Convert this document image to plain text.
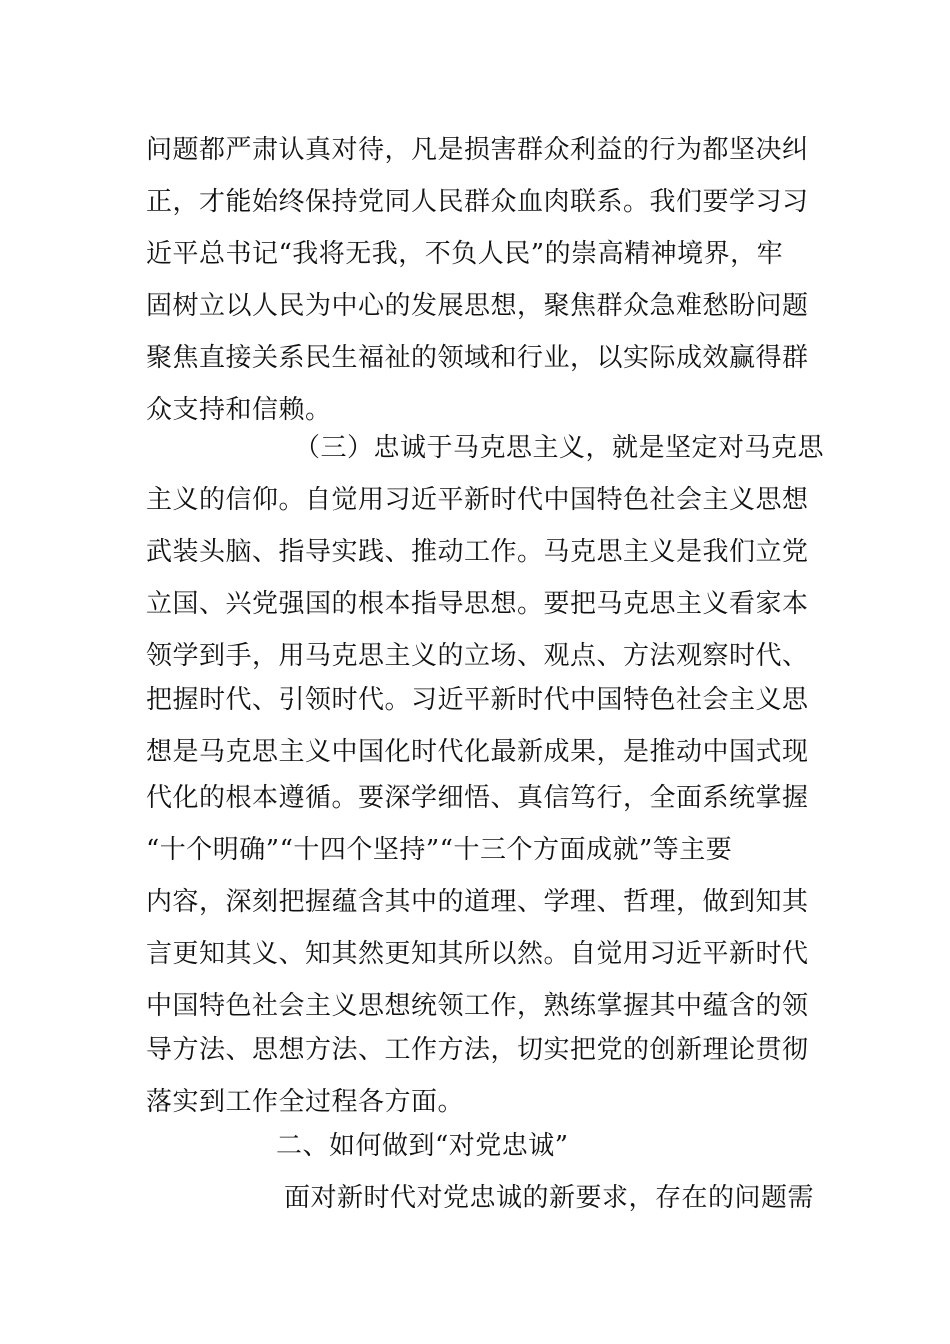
问题都严肃认真对待，凡是损害群众利益的行为都坚决纠
正，才能始终保持党同人民群众血肉联系。我们要学习习
近平总书记“我将无我，不负人民”的崇高精神境界，牢
固树立以人民为中心的发展思想，聚焦群众急难愁盼问题
聚焦直接关系民生福祉的领域和行业，以实际成效赢得群
众支持和信赖。
（三）忠诚于马克思主义，就是坚定对马克思
主义的信仰。自觉用习近平新时代中国特色社会主义思想
武装头脑、指导实践、推动工作。马克思主义是我们立党
立国、兴党强国的根本指导思想。要把马克思主义看家本
领学到手，用马克思主义的立场、观点、方法观察时代、
把握时代、引领时代。习近平新时代中国特色社会主义思
想是马克思主义中国化时代化最新成果，是推动中国式现
代化的根本遵循。要深学细悟、真信笃行，全面系统掌握
“十个明确”“十四个坚持”“十三个方面成就”等主要
内容，深刻把握蕴含其中的道理、学理、哲理，做到知其
言更知其义、知其然更知其所以然。自觉用习近平新时代
中国特色社会主义思想统领工作，熟练掌握其中蕴含的领
导方法、思想方法、工作方法，切实把党的创新理论贯彻
落实到工作全过程各方面。
二、如何做到“对党忠诚”
面对新时代对党忠诚的新要求，存在的问题需
